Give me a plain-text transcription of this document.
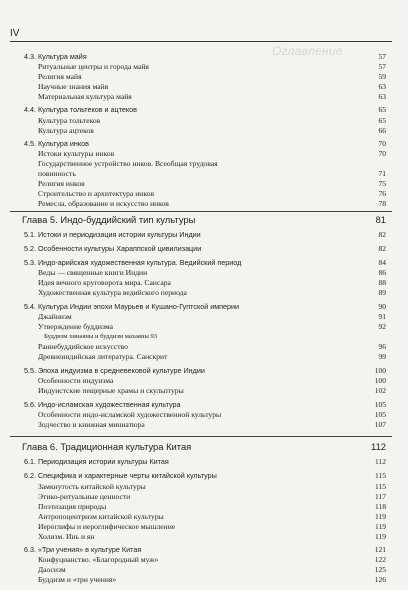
IV
Оглавление
4.3. Культура майя	57
Ритуальные центры и города майя	57
Религия майя	59
Научные знания майя	63
Материальная культура майя	63
4.4. Культура тольтеков и ацтеков	65
Культура тольтеков	65
Культура ацтеков	66
4.5. Культура инков	70
Истоки культуры инков	70
Государственное устройство инков. Всеобщая трудовая
повинность	71
Религия инков	75
Строительство и архитектура инков	76
Ремесла, образование и искусство инков	78
Глава 5. Индо-буддийский тип культуры	81
5.1. Истоки и периодизация истории культуры Индии	82
5.2. Особенности культуры Хараппской цивилизации	82
5.3. Индо-арийская художественная культура. Ведийский период	84
Веды — священные книги Индии	86
Идея вечного круговорота мира. Сансара	88
Художественная культура ведийского периода	89
5.4. Культура Индии эпохи Маурьев и Кушано-Гуптской империи	90
Джайнизм	91
Утверждение буддизма	92
Буддизм хинаяны и буддизм махаяны 93
Раннебуддийское искусство	96
Древнеиндийская литература. Санскрит	99
5.5. Эпоха индуизма в средневековой культуре Индии	100
Особенности индуизма	100
Индуистские пещерные храмы и скульптуры	102
5.6. Индо-исламская художественная культура	105
Особенности индо-исламской художественной культуры	105
Зодчество и книжная миниатюра	107
Глава 6. Традиционная культура Китая	112
6.1. Периодизация истории культуры Китая	112
6.2. Специфика и характерные черты китайской культуры	115
Замкнутость китайской культуры	115
Этико-ритуальные ценности	117
Поэтизация природы	118
Антропоцентризм китайской культуры	119
Иероглифы и иероглифическое мышление	119
Холизм. Инь и ян	119
6.3. «Три учения» в культуре Китая	121
Конфуцианство. «Благородный муж»	122
Даосизм	125
Буддизм и «три учения»	126
